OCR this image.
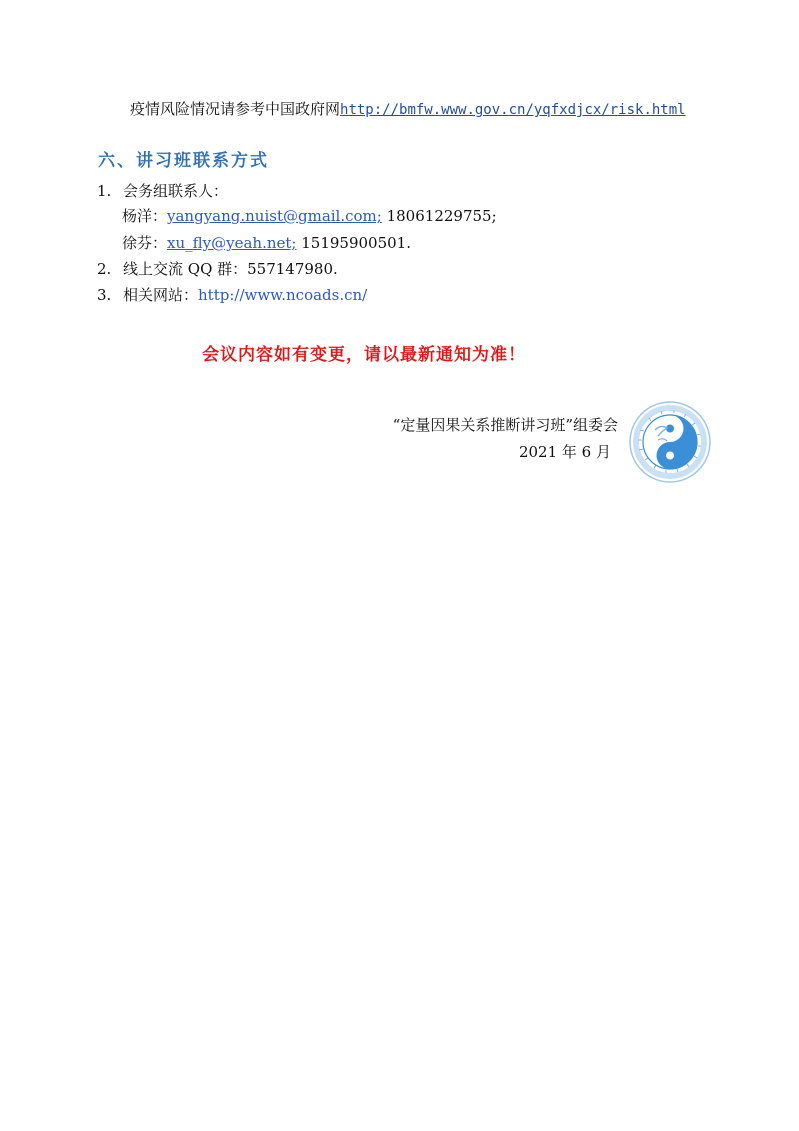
疫情风险情况请参考中国政府网http://bmfw.www.gov.cn/yqfxdjcx/risk.html
六、讲习班联系方式
1. 会务组联系人：
杨洋：yangyang.nuist@gmail.com; 18061229755;
徐芬：xu_fly@yeah.net; 15195900501.
2. 线上交流 QQ 群：557147980.
3. 相关网站：http://www.ncoads.cn/
会议内容如有变更，请以最新通知为准！
“定量因果关系推断讲习班”组委会
2021 年 6 月
